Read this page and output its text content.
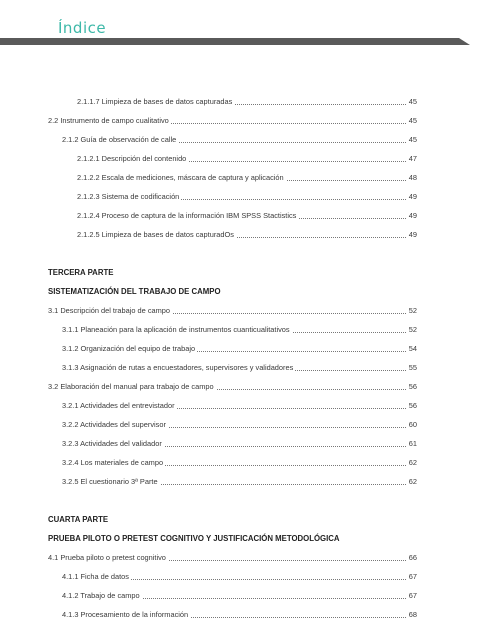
Índice
2.1.1.7 Limpieza de bases de datos capturadas	45
2.2 Instrumento de campo cualitativo	45
2.1.2 Guía de observación de calle	45
2.1.2.1 Descripción del contenido	47
2.1.2.2 Escala de mediciones, máscara de captura y aplicación	48
2.1.2.3 Sistema de codificación	49
2.1.2.4 Proceso de captura de la información IBM SPSS Stactistics	49
2.1.2.5 Limpieza de bases de datos capturadOs	49
TERCERA PARTE
SISTEMATIZACIÓN DEL TRABAJO DE CAMPO
3.1 Descripción del trabajo de campo	52
3.1.1 Planeación para la aplicación de instrumentos cuanticualitativos	52
3.1.2 Organización del equipo de trabajo	54
3.1.3 Asignación de rutas a encuestadores, supervisores y validadores	55
3.2 Elaboración del manual para trabajo de campo	56
3.2.1 Actividades del entrevistador	56
3.2.2 Actividades del supervisor	60
3.2.3 Actividades del validador	61
3.2.4 Los materiales de campo	62
3.2.5 El cuestionario 3ª Parte	62
CUARTA PARTE
PRUEBA PILOTO O PRETEST COGNITIVO Y JUSTIFICACIÓN METODOLÓGICA
4.1 Prueba piloto o pretest cognitivo	66
4.1.1 Ficha de datos	67
4.1.2 Trabajo de campo	67
4.1.3 Procesamiento de la información	68
